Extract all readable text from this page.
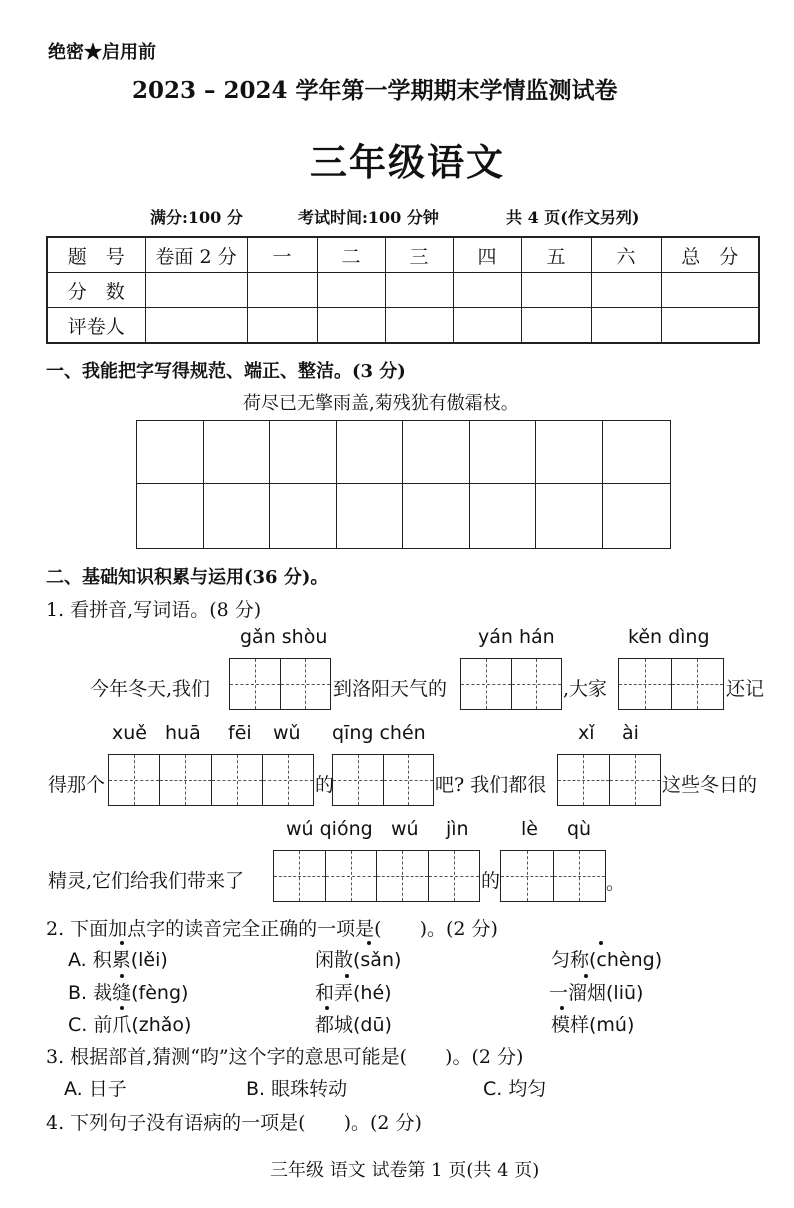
绝密★启用前
2023 – 2024 学年第一学期期末学情监测试卷
三年级语文
满分:100 分	考试时间:100 分钟	共 4 页(作文另列)
题　号	卷面 2 分	一	二	三	四	五	六	总　分
分　数								
评卷人								
一、我能把字写得规范、端正、整洁。(3 分)
荷尽已无擎雨盖,菊残犹有傲霜枝。
二、基础知识积累与运用(36 分)。
1. 看拼音,写词语。(8 分)
gǎn shòu	yán hán	kěn dìng
今年冬天,我们	到洛阳天气的	,大家	还记
xuě huā fēi wǔ qīng chén	xǐ ài
得那个	的	吧? 我们都很	这些冬日的
wú qióng wú jìn	lè qù
精灵,它们给我们带来了	的	。
2. 下面加点字的读音完全正确的一项是(　　)。(2 分)
A. 积累(lěi)	闲散(sǎn)	匀称(chèng)
B. 裁缝(fèng)	和弄(hé)	一溜烟(liū)
C. 前爪(zhǎo)	都城(dū)	模样(mú)
3. 根据部首,猜测“昀”这个字的意思可能是(　　)。(2 分)
A. 日子	B. 眼珠转动	C. 均匀
4. 下列句子没有语病的一项是(　　)。(2 分)
三年级 语文 试卷第 1 页(共 4 页)
